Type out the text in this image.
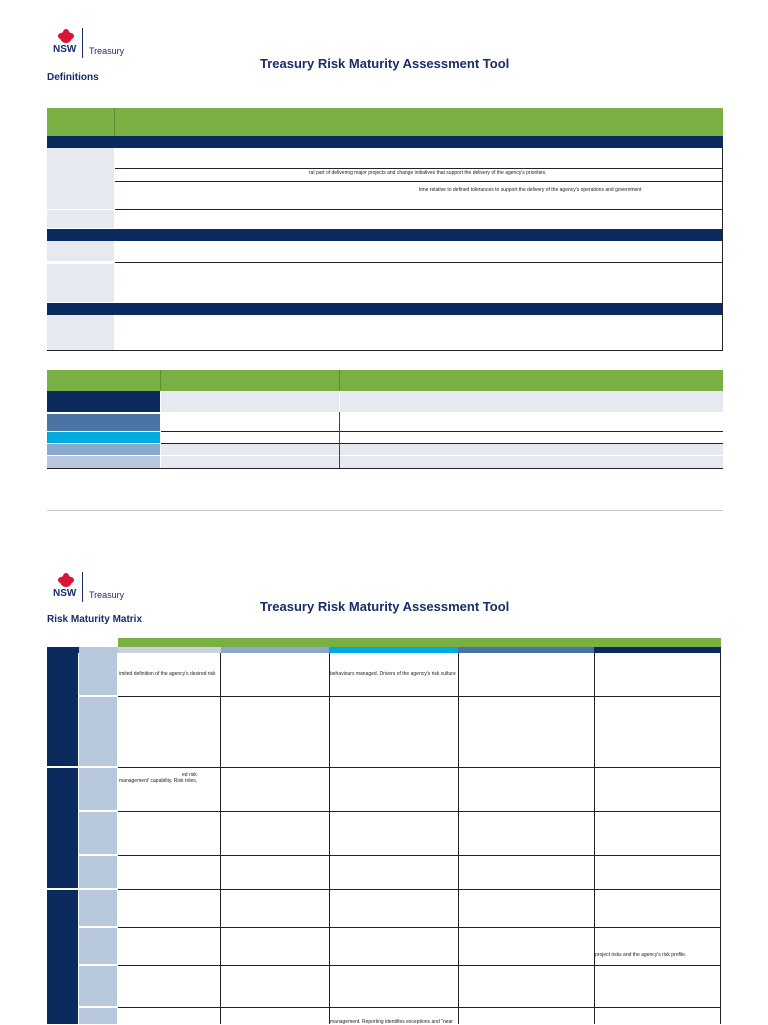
NSW Treasury
Treasury Risk Maturity Assessment Tool
Definitions
ral part of delivering major projects and change initiatives that support the delivery of the agency's priorities.
time relative to defined tolerances to support the delivery of the agency's operations and government
NSW Treasury
Treasury Risk Maturity Assessment Tool
Risk Maturity Matrix
imited definition of the agency's desired risk	behaviours managed. Drivers of the agency's risk culture
ed risk
management' capability. Risk roles,
project risks and the agency's risk profile.
management. Reporting identifies exceptions and "near
